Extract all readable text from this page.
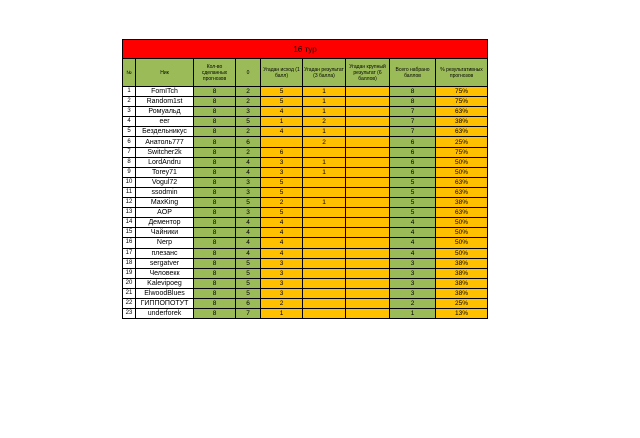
16 тур								
№	Ник	Кол-во сделанных прогнозов	0	Угадан исход (1 балл)	Угадан результат (3 балла)	Угадан крупный результат (6 баллов)	Всего набрано баллов	% результативных прогнозов
1	FomITch	8	2	5	1		8	75%
2	Random1st	8	2	5	1		8	75%
3	Ромуальд	8	3	4	1		7	63%
4	eer	8	5	1	2		7	38%
5	Бездельникус	8	2	4	1		7	63%
6	Анатоль777	8	6		2		6	25%
7	Switcher2k	8	2	6			6	75%
8	LordAndru	8	4	3	1		6	50%
9	Torey71	8	4	3	1		6	50%
10	Vogul72	8	3	5			5	63%
11	ssodmin	8	3	5			5	63%
12	MaxKing	8	5	2	1		5	38%
13	AOP	8	3	5			5	63%
14	Дементор	8	4	4			4	50%
15	Чайники	8	4	4			4	50%
16	Nerp	8	4	4			4	50%
17	плезанс	8	4	4			4	50%
18	sergatver	8	5	3			3	38%
19	Человекк	8	5	3			3	38%
20	Kalevipoeg	8	5	3			3	38%
21	ElwoodBlues	8	5	3			3	38%
22	ГИППОПОТУТ	8	6	2			2	25%
23	underforek	8	7	1			1	13%
